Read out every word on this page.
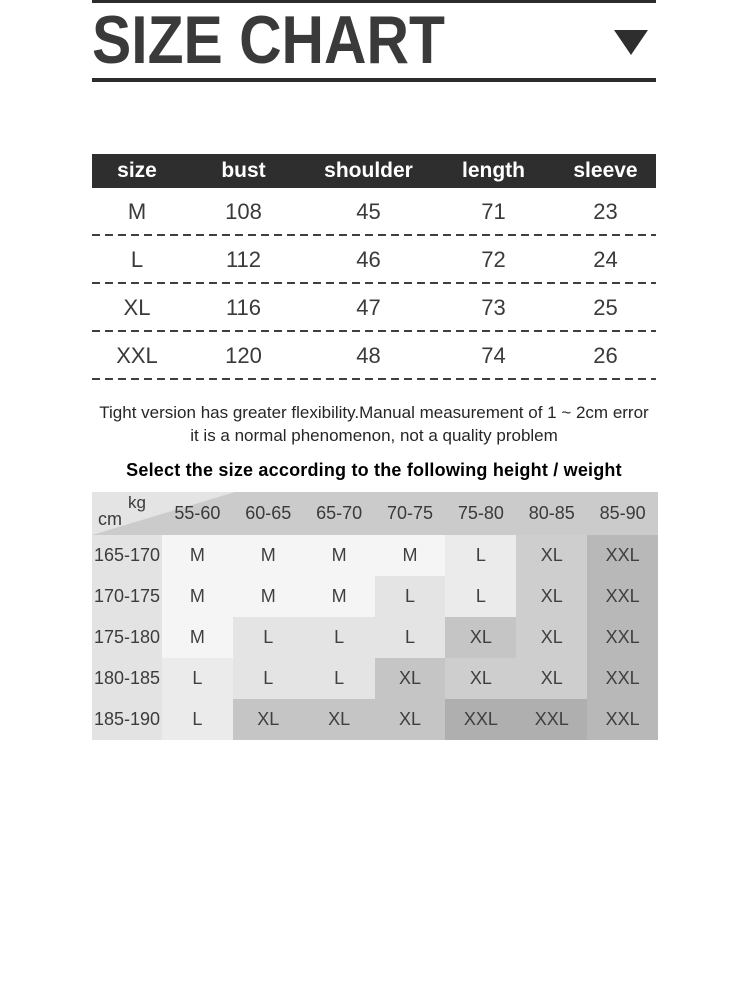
SIZE CHART
size	bust	shoulder	length	sleeve
M	108	45	71	23
L	112	46	72	24
XL	116	47	73	25
XXL	120	48	74	26

Tight version has greater flexibility.Manual measurement of 1 ~ 2cm error
it is a normal phenomenon, not a quality problem

Select the size according to the following height / weight
kg
cm	55-60	60-65	65-70	70-75	75-80	80-85	85-90
165-170	M	M	M	M	L	XL	XXL
170-175	M	M	M	L	L	XL	XXL
175-180	M	L	L	L	XL	XL	XXL
180-185	L	L	L	XL	XL	XL	XXL
185-190	L	XL	XL	XL	XXL	XXL	XXL
